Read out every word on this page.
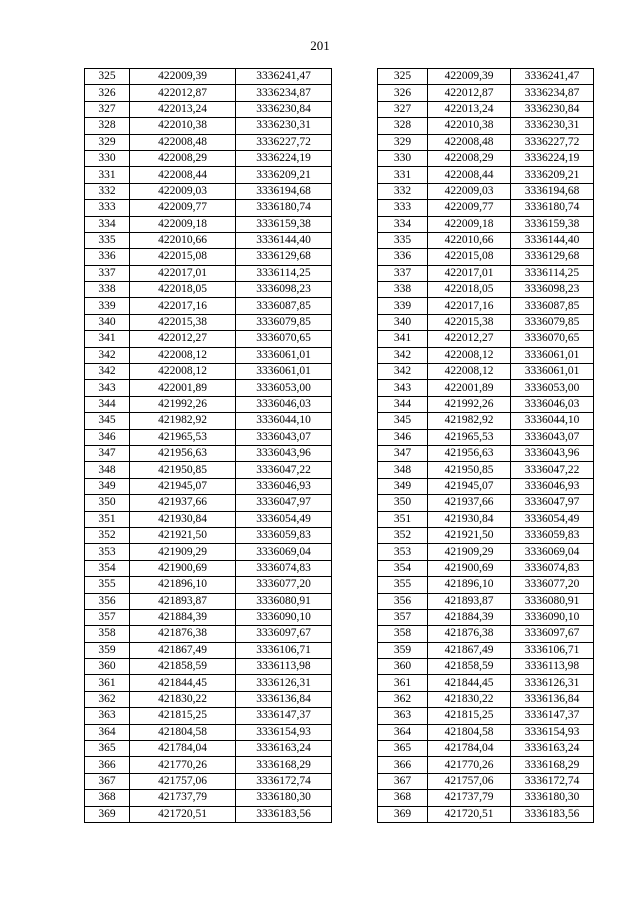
201
325	422009,39	3336241,47
326	422012,87	3336234,87
327	422013,24	3336230,84
328	422010,38	3336230,31
329	422008,48	3336227,72
330	422008,29	3336224,19
331	422008,44	3336209,21
332	422009,03	3336194,68
333	422009,77	3336180,74
334	422009,18	3336159,38
335	422010,66	3336144,40
336	422015,08	3336129,68
337	422017,01	3336114,25
338	422018,05	3336098,23
339	422017,16	3336087,85
340	422015,38	3336079,85
341	422012,27	3336070,65
342	422008,12	3336061,01
342	422008,12	3336061,01
343	422001,89	3336053,00
344	421992,26	3336046,03
345	421982,92	3336044,10
346	421965,53	3336043,07
347	421956,63	3336043,96
348	421950,85	3336047,22
349	421945,07	3336046,93
350	421937,66	3336047,97
351	421930,84	3336054,49
352	421921,50	3336059,83
353	421909,29	3336069,04
354	421900,69	3336074,83
355	421896,10	3336077,20
356	421893,87	3336080,91
357	421884,39	3336090,10
358	421876,38	3336097,67
359	421867,49	3336106,71
360	421858,59	3336113,98
361	421844,45	3336126,31
362	421830,22	3336136,84
363	421815,25	3336147,37
364	421804,58	3336154,93
365	421784,04	3336163,24
366	421770,26	3336168,29
367	421757,06	3336172,74
368	421737,79	3336180,30
369	421720,51	3336183,56
325	422009,39	3336241,47
326	422012,87	3336234,87
327	422013,24	3336230,84
328	422010,38	3336230,31
329	422008,48	3336227,72
330	422008,29	3336224,19
331	422008,44	3336209,21
332	422009,03	3336194,68
333	422009,77	3336180,74
334	422009,18	3336159,38
335	422010,66	3336144,40
336	422015,08	3336129,68
337	422017,01	3336114,25
338	422018,05	3336098,23
339	422017,16	3336087,85
340	422015,38	3336079,85
341	422012,27	3336070,65
342	422008,12	3336061,01
342	422008,12	3336061,01
343	422001,89	3336053,00
344	421992,26	3336046,03
345	421982,92	3336044,10
346	421965,53	3336043,07
347	421956,63	3336043,96
348	421950,85	3336047,22
349	421945,07	3336046,93
350	421937,66	3336047,97
351	421930,84	3336054,49
352	421921,50	3336059,83
353	421909,29	3336069,04
354	421900,69	3336074,83
355	421896,10	3336077,20
356	421893,87	3336080,91
357	421884,39	3336090,10
358	421876,38	3336097,67
359	421867,49	3336106,71
360	421858,59	3336113,98
361	421844,45	3336126,31
362	421830,22	3336136,84
363	421815,25	3336147,37
364	421804,58	3336154,93
365	421784,04	3336163,24
366	421770,26	3336168,29
367	421757,06	3336172,74
368	421737,79	3336180,30
369	421720,51	3336183,56
